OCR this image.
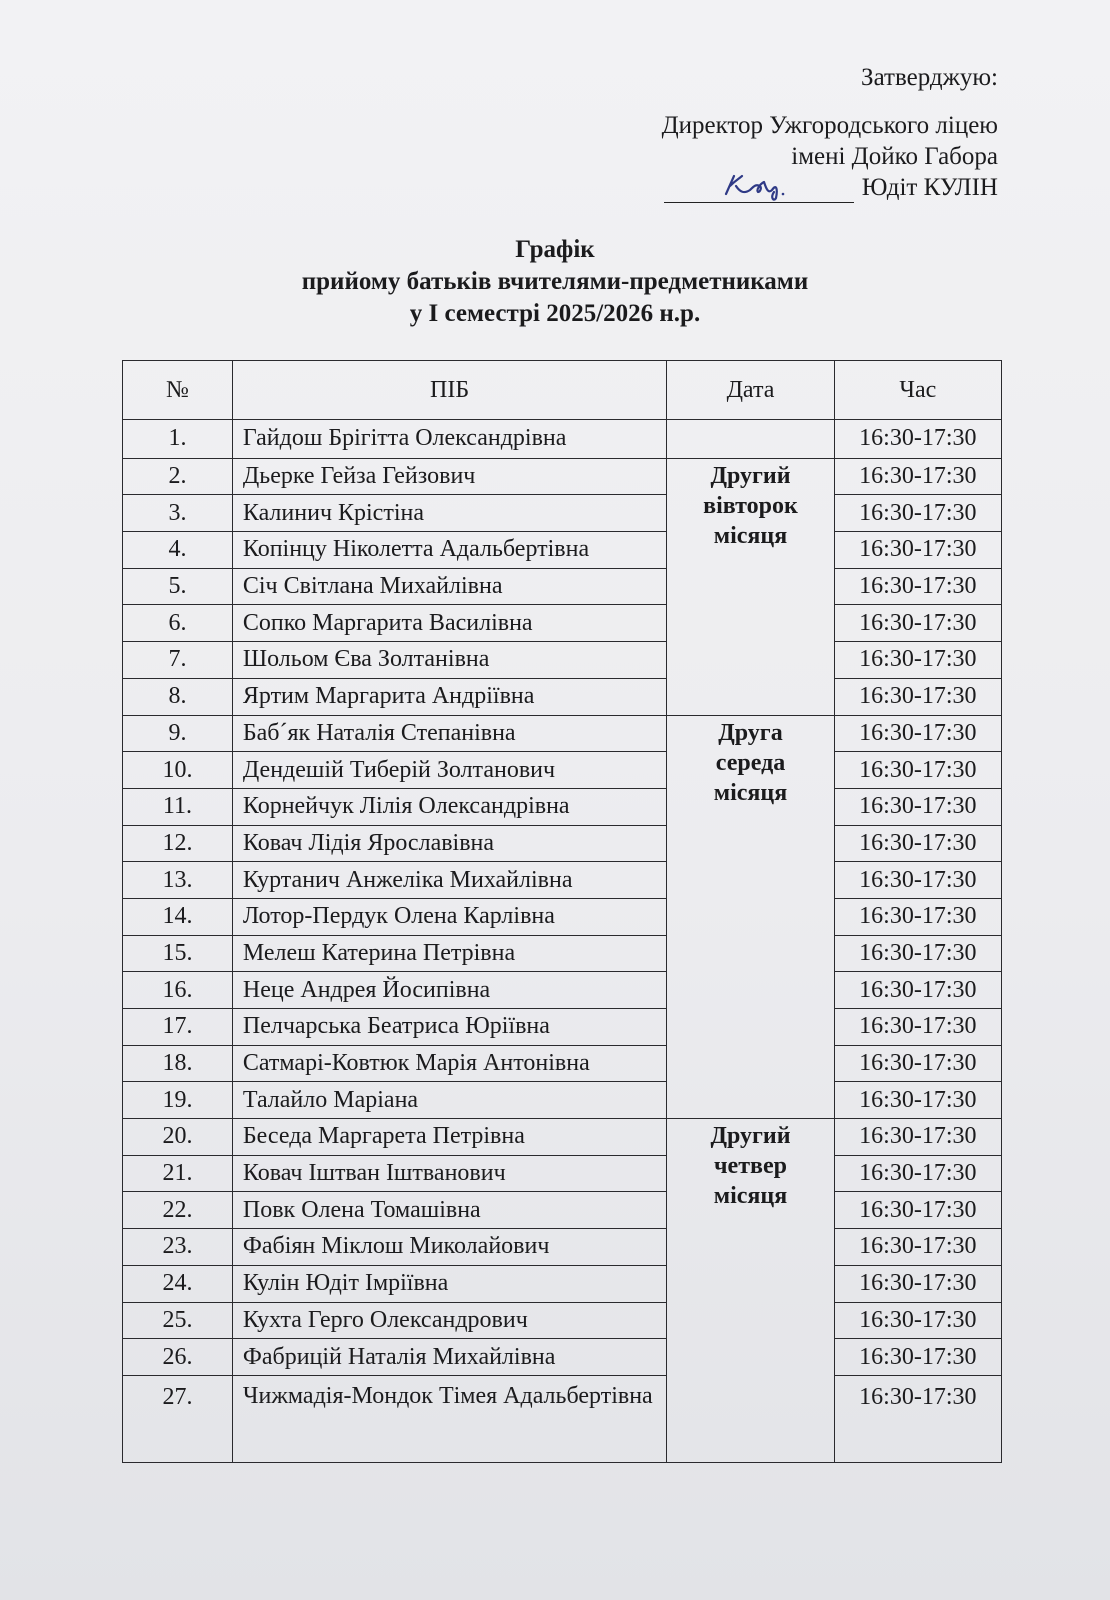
Затверджую:
Директор Ужгородського ліцею
імені Дойко Габора
Юдіт КУЛІН
Графік
прийому батьків вчителями-предметниками
у І семестрі 2025/2026 н.р.
№	ПІБ	Дата	Час
1.	Гайдош Брігітта Олександрівна		16:30-17:30
2.	Дьерке Гейза Гейзович	Другий
вівторок
місяця	16:30-17:30
3.	Калинич Крістіна		16:30-17:30
4.	Копінцу Ніколетта Адальбертівна		16:30-17:30
5.	Січ Світлана Михайлівна		16:30-17:30
6.	Сопко Маргарита Василівна		16:30-17:30
7.	Шольом Єва Золтанівна		16:30-17:30
8.	Яртим Маргарита Андріївна		16:30-17:30
9.	Баб´як Наталія Степанівна	Друга
середа
місяця	16:30-17:30
10.	Дендешій Тиберій Золтанович		16:30-17:30
11.	Корнейчук Лілія Олександрівна		16:30-17:30
12.	Ковач Лідія Ярославівна		16:30-17:30
13.	Куртанич Анжеліка Михайлівна		16:30-17:30
14.	Лотор-Пердук Олена Карлівна		16:30-17:30
15.	Мелеш Катерина Петрівна		16:30-17:30
16.	Неце Андрея Йосипівна		16:30-17:30
17.	Пелчарська Беатриса Юріївна		16:30-17:30
18.	Сатмарі-Ковтюк Марія Антонівна		16:30-17:30
19.	Талайло Маріана		16:30-17:30
20.	Беседа Маргарета Петрівна	Другий
четвер
місяця	16:30-17:30
21.	Ковач Іштван Іштванович		16:30-17:30
22.	Повк Олена Томашівна		16:30-17:30
23.	Фабіян Міклош Миколайович		16:30-17:30
24.	Кулін Юдіт Імріївна		16:30-17:30
25.	Кухта Герго Олександрович		16:30-17:30
26.	Фабрицій Наталія Михайлівна		16:30-17:30
27.	Чижмадія-Мондок Тімея Адальбертівна		16:30-17:30
